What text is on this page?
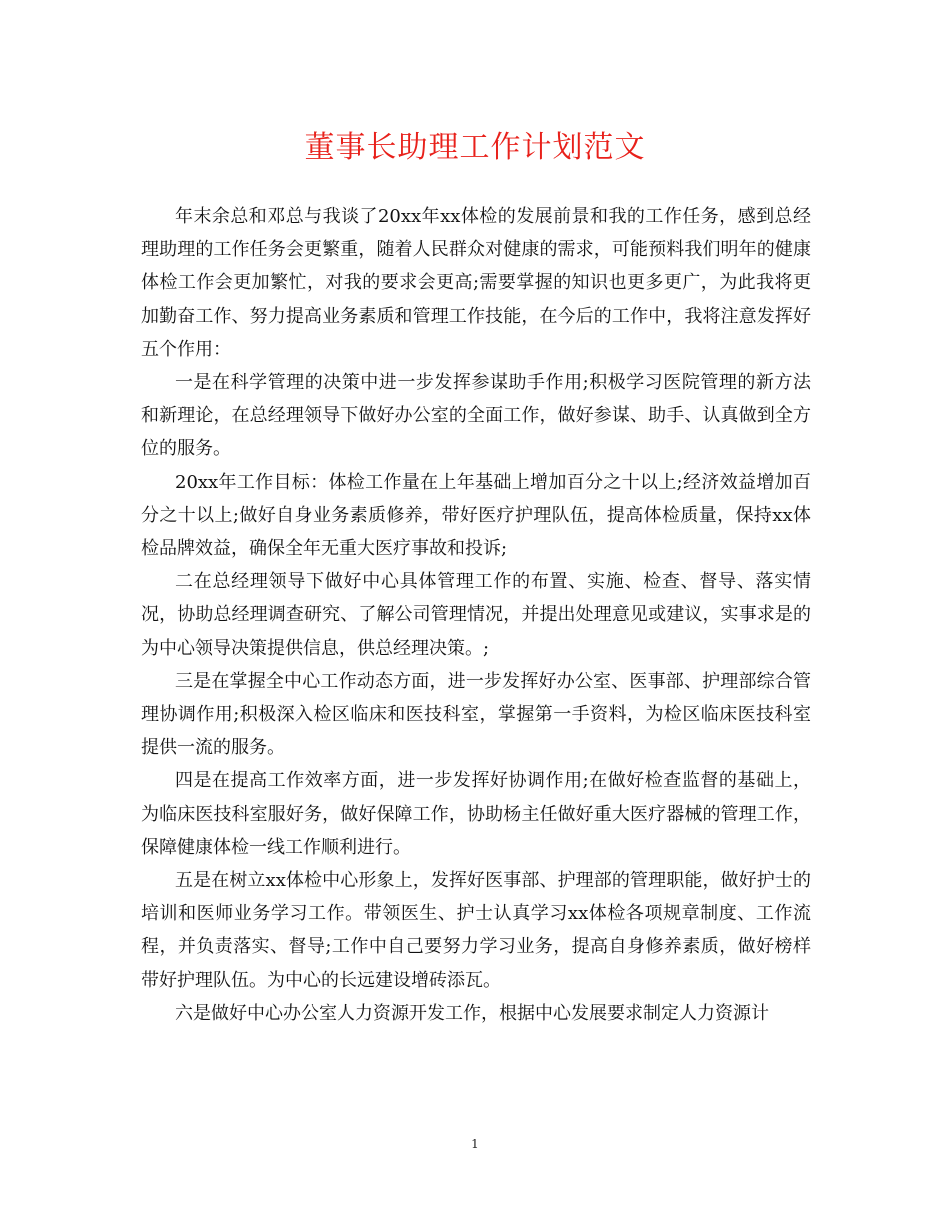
董事长助理工作计划范文

年末余总和邓总与我谈了20xx年xx体检的发展前景和我的工作任务，感到总经理助理的工作任务会更繁重，随着人民群众对健康的需求，可能预料我们明年的健康体检工作会更加繁忙，对我的要求会更高;需要掌握的知识也更多更广，为此我将更加勤奋工作、努力提高业务素质和管理工作技能，在今后的工作中，我将注意发挥好五个作用：

一是在科学管理的决策中进一步发挥参谋助手作用;积极学习医院管理的新方法和新理论，在总经理领导下做好办公室的全面工作，做好参谋、助手、认真做到全方位的服务。

20xx年工作目标：体检工作量在上年基础上增加百分之十以上;经济效益增加百分之十以上;做好自身业务素质修养，带好医疗护理队伍，提高体检质量，保持xx体检品牌效益，确保全年无重大医疗事故和投诉;

二在总经理领导下做好中心具体管理工作的布置、实施、检查、督导、落实情况，协助总经理调查研究、了解公司管理情况，并提出处理意见或建议，实事求是的为中心领导决策提供信息，供总经理决策。;

三是在掌握全中心工作动态方面，进一步发挥好办公室、医事部、护理部综合管理协调作用;积极深入检区临床和医技科室，掌握第一手资料，为检区临床医技科室提供一流的服务。

四是在提高工作效率方面，进一步发挥好协调作用;在做好检查监督的基础上，为临床医技科室服好务，做好保障工作，协助杨主任做好重大医疗器械的管理工作，保障健康体检一线工作顺利进行。

五是在树立xx体检中心形象上，发挥好医事部、护理部的管理职能，做好护士的培训和医师业务学习工作。带领医生、护士认真学习xx体检各项规章制度、工作流程，并负责落实、督导;工作中自己要努力学习业务，提高自身修养素质，做好榜样带好护理队伍。为中心的长远建设增砖添瓦。

六是做好中心办公室人力资源开发工作，根据中心发展要求制定人力资源计

1
